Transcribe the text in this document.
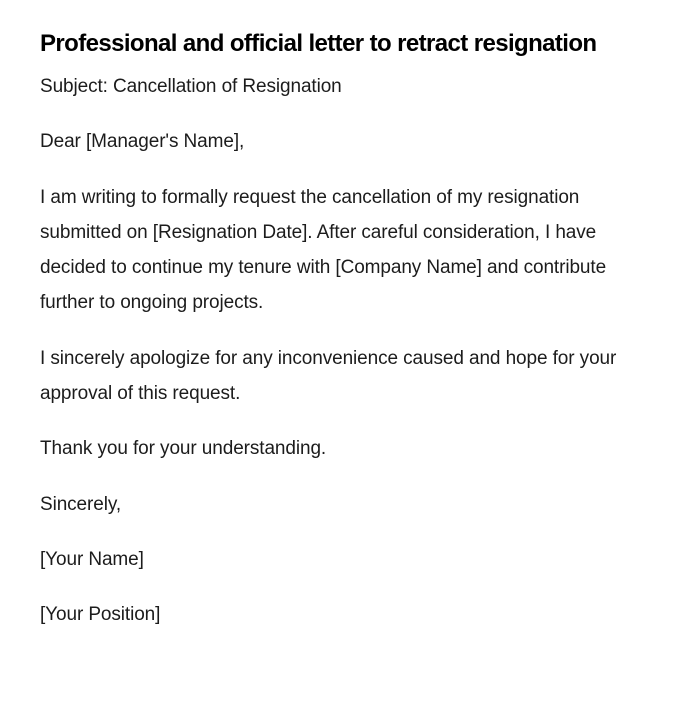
Professional and official letter to retract resignation

Subject: Cancellation of Resignation

Dear [Manager's Name],

I am writing to formally request the cancellation of my resignation submitted on [Resignation Date]. After careful consideration, I have decided to continue my tenure with [Company Name] and contribute further to ongoing projects.

I sincerely apologize for any inconvenience caused and hope for your approval of this request.

Thank you for your understanding.

Sincerely,

[Your Name]

[Your Position]
